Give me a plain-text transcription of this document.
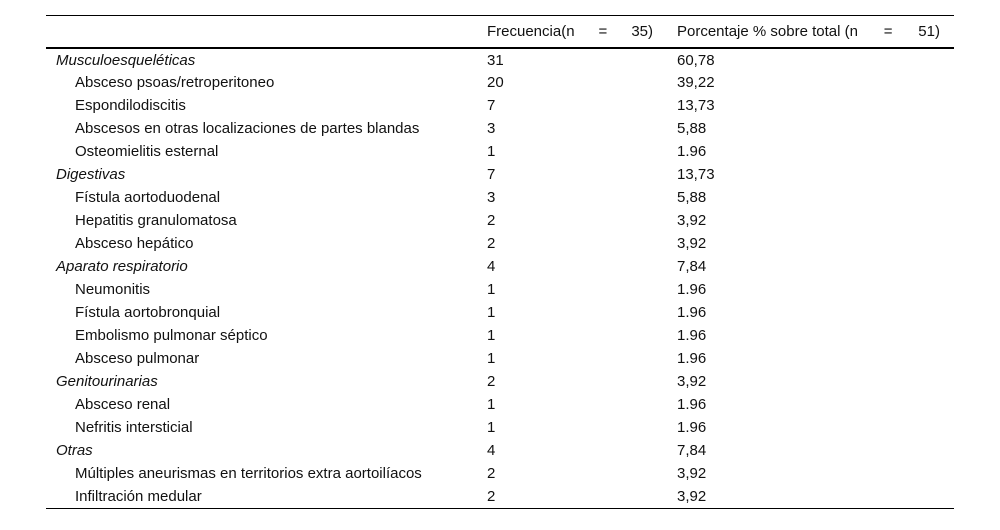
	Frecuencia(n = 35)	Porcentaje % sobre total (n = 51)

Musculoesqueléticas	31	60,78
Absceso psoas/retroperitoneo	20	39,22
Espondilodiscitis	7	13,73
Abscesos en otras localizaciones de partes blandas	3	5,88
Osteomielitis esternal	1	1.96
Digestivas	7	13,73
Fístula aortoduodenal	3	5,88
Hepatitis granulomatosa	2	3,92
Absceso hepático	2	3,92
Aparato respiratorio	4	7,84
Neumonitis	1	1.96
Fístula aortobronquial	1	1.96
Embolismo pulmonar séptico	1	1.96
Absceso pulmonar	1	1.96
Genitourinarias	2	3,92
Absceso renal	1	1.96
Nefritis intersticial	1	1.96
Otras	4	7,84
Múltiples aneurismas en territorios extra aortoilíacos	2	3,92
Infiltración medular	2	3,92
